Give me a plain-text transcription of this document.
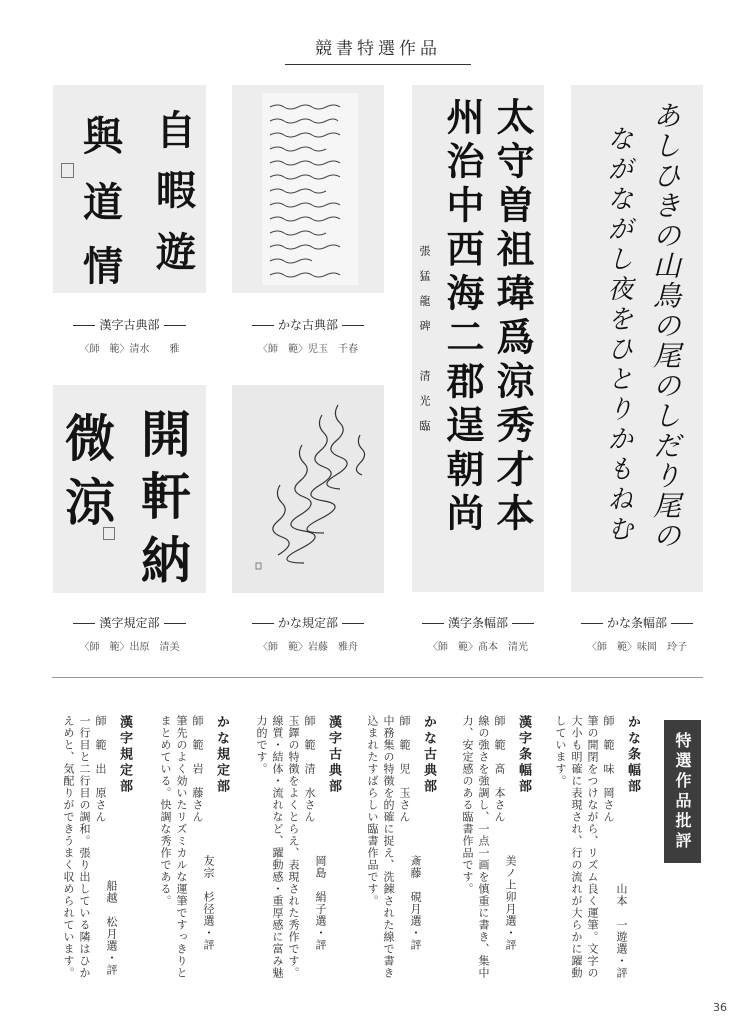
競書特選作品
自
暇
遊
與
道
情
漢字古典部
〈師　範〉清水　　雅
かな古典部
〈師　範〉児玉　千春	太守曽祖瑋爲涼秀才本
州治中西海二郡逞朝尚
張猛龍碑　清光臨
漢字条幅部
〈師　範〉髙本　清光
あしひきの山鳥の尾のしだり尾の
ながながし夜をひとりかもねむ
かな条幅部
〈師　範〉味岡　玲子
開
軒
納
微
涼
漢字規定部
〈師　範〉出原　清美
かな規定部
〈師　範〉岩藤　雅舟
特選作品批評
かな条幅部
師　範　味　岡さん
筆の開閉をつけながら、リズム良く運筆。文字の
大小も明確に表現され、行の流れが大らかに躍動
しています。
山本　一遊選・評
漢字条幅部
師　範　髙　本さん
線の強さを強調し、一点一画を慎重に書き、集中
力、安定感のある臨書作品です。
美ノ上卯月選・評
かな古典部
師　範　児　玉さん
中務集の特徴を的確に捉え、洗錬された線で書き
込まれたすばらしい臨書作品です。	斎藤　硯月選・評
漢字古典部
師　範　清　水さん
玉鐸の特徴をよくとらえ、表現された秀作です。
線質・結体・流れなど、躍動感・重厚感に富み魅
力的です。
岡島　絹子選・評
かな規定部
師　範　岩　藤さん
筆先のよく効いたリズミカルな運筆ですっきりと
まとめている。快調な秀作である。	友宗　杉径選・評
漢字規定部
師　範　出　原さん
一行目と二行目の調和。張り出している隣はひか
えめと、気配りができうまく収められています。	船越　松月選・評
36
